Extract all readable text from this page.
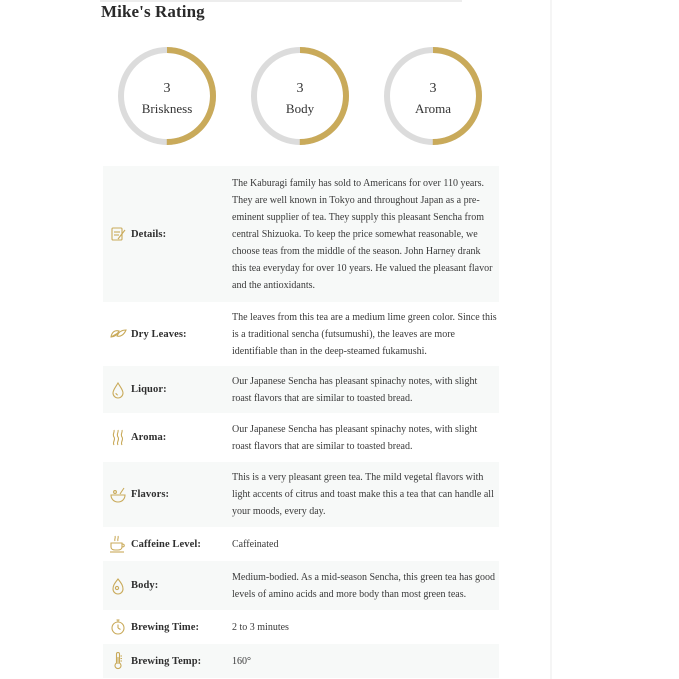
Mike's Rating
3
Briskness
3
Body
3
Aroma
Details:	The Kaburagi family has sold to Americans for over 110 years. They are well known in Tokyo and throughout Japan as a pre-eminent supplier of tea. They supply this pleasant Sencha from central Shizuoka. To keep the price somewhat reasonable, we choose teas from the middle of the season. John Harney drank this tea everyday for over 10 years. He valued the pleasant flavor and the antioxidants.

Dry Leaves:	The leaves from this tea are a medium lime green color. Since this is a traditional sencha (futsumushi), the leaves are more identifiable than in the deep-steamed fukamushi.

Liquor:	Our Japanese Sencha has pleasant spinachy notes, with slight roast flavors that are similar to toasted bread.

Aroma:	Our Japanese Sencha has pleasant spinachy notes, with slight roast flavors that are similar to toasted bread.

Flavors:	This is a very pleasant green tea. The mild vegetal flavors with light accents of citrus and toast make this a tea that can handle all your moods, every day.

Caffeine Level:	Caffeinated

Body:	Medium-bodied. As a mid-season Sencha, this green tea has good levels of amino acids and more body than most green teas.

Brewing Time:	2 to 3 minutes

Brewing Temp:	160°
